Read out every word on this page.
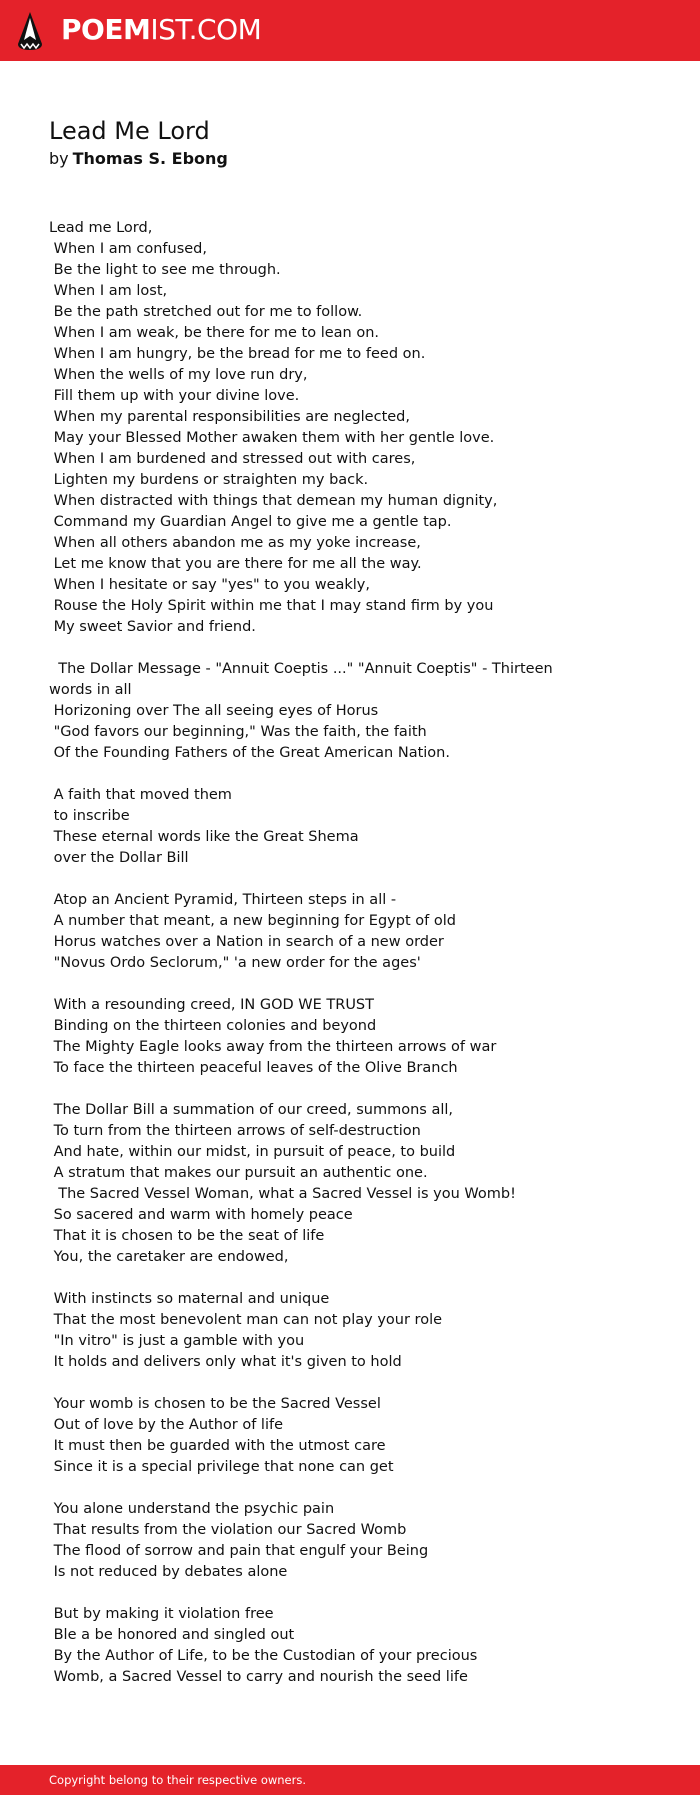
POEMIST.COM
Lead Me Lord
by Thomas S. Ebong
Lead me Lord,
When I am confused,
Be the light to see me through.
When I am lost,
Be the path stretched out for me to follow.
When I am weak, be there for me to lean on.
When I am hungry, be the bread for me to feed on.
When the wells of my love run dry,
Fill them up with your divine love.
When my parental responsibilities are neglected,
May your Blessed Mother awaken them with her gentle love.
When I am burdened and stressed out with cares,
Lighten my burdens or straighten my back.
When distracted with things that demean my human dignity,
Command my Guardian Angel to give me a gentle tap.
When all others abandon me as my yoke increase,
Let me know that you are there for me all the way.
When I hesitate or say "yes" to you weakly,
Rouse the Holy Spirit within me that I may stand firm by you
My sweet Savior and friend.
The Dollar Message - "Annuit Coeptis ..." "Annuit Coeptis" - Thirteen
words in all
Horizoning over The all seeing eyes of Horus
"God favors our beginning," Was the faith, the faith
Of the Founding Fathers of the Great American Nation.
A faith that moved them
to inscribe
These eternal words like the Great Shema
over the Dollar Bill
Atop an Ancient Pyramid, Thirteen steps in all -
A number that meant, a new beginning for Egypt of old
Horus watches over a Nation in search of a new order
"Novus Ordo Seclorum," 'a new order for the ages'
With a resounding creed, IN GOD WE TRUST
Binding on the thirteen colonies and beyond
The Mighty Eagle looks away from the thirteen arrows of war
To face the thirteen peaceful leaves of the Olive Branch
The Dollar Bill a summation of our creed, summons all,
To turn from the thirteen arrows of self-destruction
And hate, within our midst, in pursuit of peace, to build
A stratum that makes our pursuit an authentic one.
The Sacred Vessel Woman, what a Sacred Vessel is you Womb!
So sacered and warm with homely peace
That it is chosen to be the seat of life
You, the caretaker are endowed,
With instincts so maternal and unique
That the most benevolent man can not play your role
"In vitro" is just a gamble with you
It holds and delivers only what it's given to hold
Your womb is chosen to be the Sacred Vessel
Out of love by the Author of life
It must then be guarded with the utmost care
Since it is a special privilege that none can get
You alone understand the psychic pain
That results from the violation our Sacred Womb
The flood of sorrow and pain that engulf your Being
Is not reduced by debates alone
But by making it violation free
Ble a be honored and singled out
By the Author of Life, to be the Custodian of your precious
Womb, a Sacred Vessel to carry and nourish the seed life
Copyright belong to their respective owners.
